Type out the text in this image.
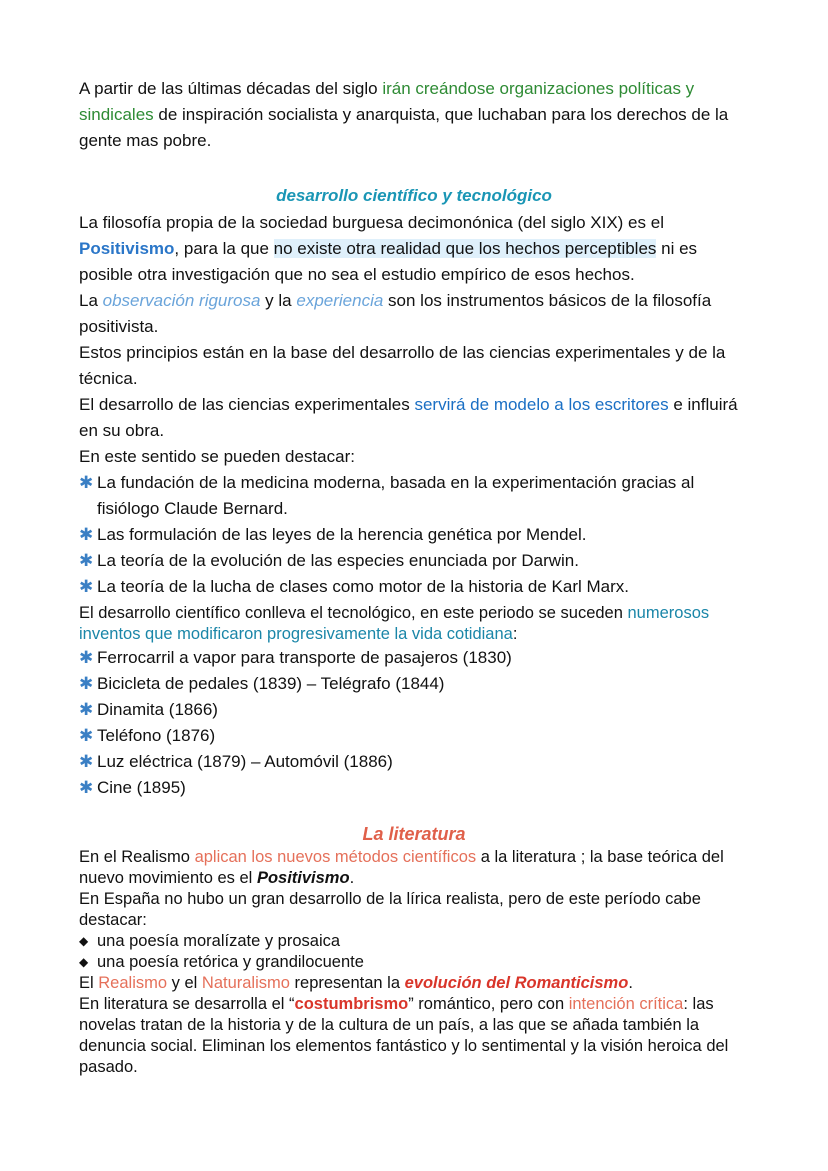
A partir de las últimas décadas del siglo irán creándose organizaciones políticas y sindicales de inspiración socialista y anarquista, que luchaban para los derechos de la gente mas pobre.

desarrollo científico y tecnológico
La filosofía propia de la sociedad burguesa decimonónica (del siglo XIX) es el Positivismo, para la que no existe otra realidad que los hechos perceptibles ni es posible otra investigación que no sea el estudio empírico de esos hechos.
La observación rigurosa y la experiencia son los instrumentos básicos de la filosofía positivista.
Estos principios están en la base del desarrollo de las ciencias experimentales y de la técnica.
El desarrollo de las ciencias experimentales servirá de modelo a los escritores e influirá en su obra.
En este sentido se pueden destacar:
✱ La fundación de la medicina moderna, basada en la experimentación gracias al fisiólogo Claude Bernard.
✱ Las formulación de las leyes de la herencia genética por Mendel.
✱ La teoría de la evolución de las especies enunciada por Darwin.
✱ La teoría de la lucha de clases como motor de la historia de Karl Marx.
El desarrollo científico conlleva el tecnológico, en este periodo se suceden numerosos inventos que modificaron progresivamente la vida cotidiana:
✱ Ferrocarril a vapor para transporte de pasajeros (1830)
✱ Bicicleta de pedales (1839) – Telégrafo (1844)
✱ Dinamita (1866)
✱ Teléfono (1876)
✱ Luz eléctrica (1879) – Automóvil (1886)
✱ Cine (1895)
La literatura
En el Realismo aplican los nuevos métodos científicos a la literatura ; la base teórica del nuevo movimiento es el Positivismo.
En España no hubo un gran desarrollo de la lírica realista, pero de este período cabe destacar:
◆ una poesía moralízate y prosaica
◆ una poesía retórica y grandilocuente
El Realismo y el Naturalismo representan la evolución del Romanticismo.
En literatura se desarrolla el “costumbrismo” romántico, pero con intención crítica: las novelas tratan de la historia y de la cultura de un país, a las que se añada también la denuncia social. Eliminan los elementos fantástico y lo sentimental y la visión heroica del pasado.
